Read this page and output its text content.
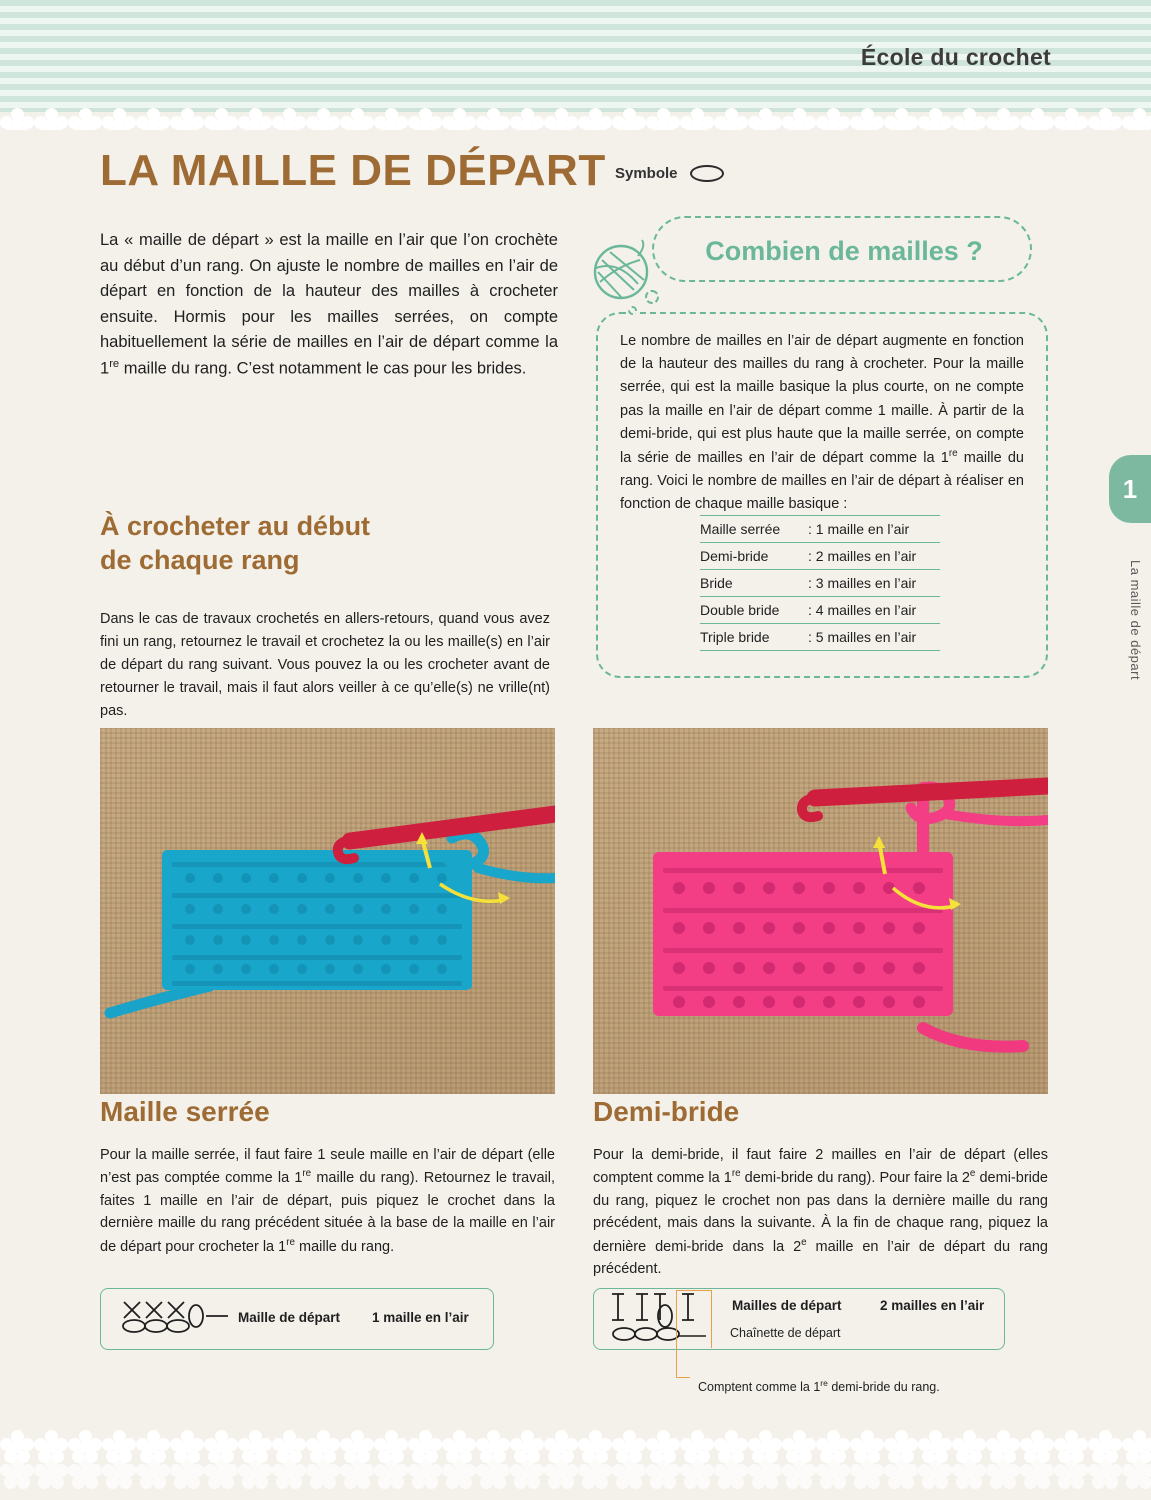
École du crochet
1
La maille de départ
LA MAILLE DE DÉPART Symbole
La « maille de départ » est la maille en l’air que l’on crochète au début d’un rang. On ajuste le nombre de mailles en l’air de départ en fonction de la hauteur des mailles à crocheter ensuite. Hormis pour les mailles serrées, on compte habituellement la série de mailles en l’air de départ comme la 1re maille du rang. C’est notamment le cas pour les brides.
À crocheter au début
de chaque rang
Dans le cas de travaux crochetés en allers-retours, quand vous avez fini un rang, retournez le travail et crochetez la ou les maille(s) en l’air de départ du rang suivant. Vous pouvez la ou les crocheter avant de retourner le travail, mais il faut alors veiller à ce qu’elle(s) ne vrille(nt) pas.
Combien de mailles ?
Le nombre de mailles en l’air de départ augmente en fonction de la hauteur des mailles du rang à crocheter. Pour la maille serrée, qui est la maille basique la plus courte, on ne compte pas la maille en l’air de départ comme 1 maille. À partir de la demi-bride, qui est plus haute que la maille serrée, on compte la série de mailles en l’air de départ comme la 1re maille du rang. Voici le nombre de mailles en l’air de départ à réaliser en fonction de chaque maille basique :
Maille serrée	: 1 maille en l’air
Demi-bride	: 2 mailles en l’air
Bride	: 3 mailles en l’air
Double bride	: 4 mailles en l’air
Triple bride	: 5 mailles en l’air
Maille serrée
Pour la maille serrée, il faut faire 1 seule maille en l’air de départ (elle n’est pas comptée comme la 1re maille du rang). Retournez le travail, faites 1 maille en l’air de départ, puis piquez le crochet dans la dernière maille du rang précédent située à la base de la maille en l’air de départ pour crocheter la 1re maille du rang.
Demi-bride
Pour la demi-bride, il faut faire 2 mailles en l’air de départ (elles comptent comme la 1re demi-bride du rang). Pour faire la 2e demi-bride du rang, piquez le crochet non pas dans la dernière maille du rang précédent, mais dans la suivante. À la fin de chaque rang, piquez la dernière demi-bride dans la 2e maille en l’air de départ du rang précédent.
Maille de départ 1 maille en l’air
Mailles de départ	2 mailles en l’air
Chaînette de départ
Comptent comme la 1re demi-bride du rang.
